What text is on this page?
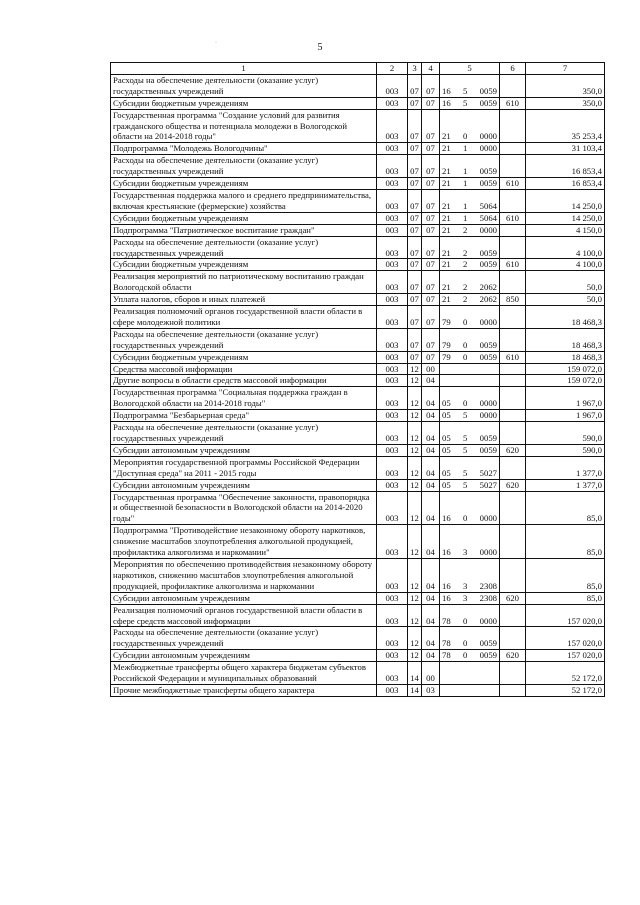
5
·
1	2	3	4	5	6	7
Расходы на обеспечение деятельности (оказание услуг) государственных учреждений	003	07	07	16 5 0059		350,0
Субсидии бюджетным учреждениям	003	07	07	16 5 0059	610	350,0
Государственная программа "Создание условий для развития гражданского общества и потенциала молодежи в Вологодской области на 2014-2018 годы"	003	07	07	21 0 0000		35 253,4
Подпрограмма "Молодежь Вологодчины"	003	07	07	21 1 0000		31 103,4
Расходы на обеспечение деятельности (оказание услуг) государственных учреждений	003	07	07	21 1 0059		16 853,4
Субсидии бюджетным учреждениям	003	07	07	21 1 0059	610	16 853,4
Государственная поддержка малого и среднего предпринимательства, включая крестьянские (фермерские) хозяйства	003	07	07	21 1 5064		14 250,0
Субсидии бюджетным учреждениям	003	07	07	21 1 5064	610	14 250,0
Подпрограмма "Патриотическое воспитание граждан"	003	07	07	21 2 0000		4 150,0
Расходы на обеспечение деятельности (оказание услуг) государственных учреждений	003	07	07	21 2 0059		4 100,0
Субсидии бюджетным учреждениям	003	07	07	21 2 0059	610	4 100,0
Реализация мероприятий по патриотическому воспитанию граждан Вологодской области	003	07	07	21 2 2062		50,0
Уплата налогов, сборов и иных платежей	003	07	07	21 2 2062	850	50,0
Реализация полномочий органов государственной власти области в сфере молодежной политики	003	07	07	79 0 0000		18 468,3
Расходы на обеспечение деятельности (оказание услуг) государственных учреждений	003	07	07	79 0 0059		18 468,3
Субсидии бюджетным учреждениям	003	07	07	79 0 0059	610	18 468,3
Средства массовой информации	003	12	00			159 072,0
Другие вопросы в области средств массовой информации	003	12	04			159 072,0
Государственная программа "Социальная поддержка граждан в Вологодской области на 2014-2018 годы"	003	12	04	05 0 0000		1 967,0
Подпрограмма "Безбарьерная среда"	003	12	04	05 5 0000		1 967,0
Расходы на обеспечение деятельности (оказание услуг) государственных учреждений	003	12	04	05 5 0059		590,0
Субсидии автономным учреждениям	003	12	04	05 5 0059	620	590,0
Мероприятия государственной программы Российской Федерации "Доступная среда" на 2011 - 2015 годы	003	12	04	05 5 5027		1 377,0
Субсидии автономным учреждениям	003	12	04	05 5 5027	620	1 377,0
Государственная программа "Обеспечение законности, правопорядка и общественной безопасности в Вологодской области на 2014-2020 годы"	003	12	04	16 0 0000		85,0
Подпрограмма "Противодействие незаконному обороту наркотиков, снижение масштабов злоупотребления алкогольной продукцией, профилактика алкоголизма и наркомании"	003	12	04	16 3 0000		85,0
Мероприятия по обеспечению противодействия незаконному обороту наркотиков, снижению масштабов злоупотребления алкогольной продукцией, профилактике алкоголизма и наркомании	003	12	04	16 3 2308		85,0
Субсидии автономным учреждениям	003	12	04	16 3 2308	620	85,0
Реализация полномочий органов государственной власти области в сфере средств массовой информации	003	12	04	78 0 0000		157 020,0
Расходы на обеспечение деятельности (оказание услуг) государственных учреждений	003	12	04	78 0 0059		157 020,0
Субсидии автономным учреждениям	003	12	04	78 0 0059	620	157 020,0
Межбюджетные трансферты общего характера бюджетам субъектов Российской Федерации и муниципальных образований	003	14	00			52 172,0
Прочие межбюджетные трансферты общего характера	003	14	03			52 172,0
